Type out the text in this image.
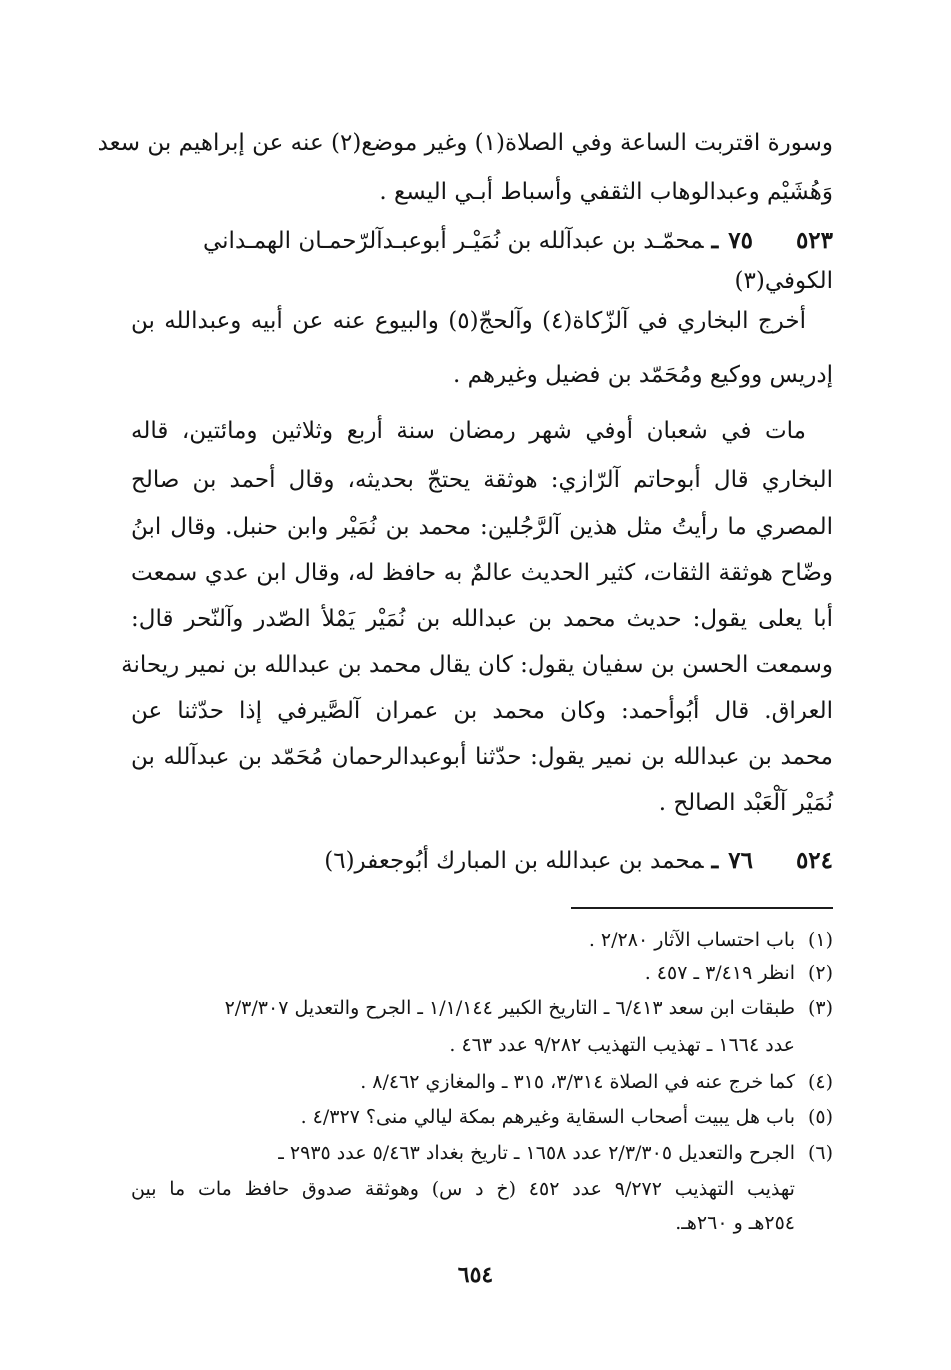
وسورة اقتربت الساعة وفي الصلاة(١) وغير موضع(٢) عنه عن إبراهيم بن سعد
وَهُشَيْم وعبدالوهاب الثقفي وأسباط أبـي اليسع .
٥٢٣٧٥ـمحمّـد بن عبدآلله بن نُمَيْـر أبوعبـدآلرّحمـان الهمـداني
الكوفي(٣)
أخرج البخاري في آلزّكاة(٤) وآلحجّ(٥) والبيوع عنه عن أبيه وعبدالله بن
إدريس ووكيع ومُحَمّد بن فضيل وغيرهم .
مات في شعبان أوفي شهر رمضان سنة أربع وثلاثين ومائتين، قاله
البخاري قال أبوحاتم آلرّازي: هوثقة يحتجّ بحديثه، وقال أحمد بن صالح
المصري ما رأيتُ مثل هذين آلرَّجُلين: محمد بن نُمَيْر وابن حنبل. وقال ابنُ
وضّاح هوثقة الثقات، كثير الحديث عالمٌ به حافظ له، وقال ابن عدي سمعت
أبا يعلى يقول: حديث محمد بن عبدالله بن نُمَيْر يَمْلأ الصّدر وآلنّحر قال:
وسمعت الحسن بن سفيان يقول: كان يقال محمد بن عبدالله بن نمير ريحانة
العراق. قال أبُوأحمد: وكان محمد بن عمران آلصَّيرفي إذا حدّثنا عن
محمد بن عبدالله بن نمير يقول: حدّثنا أبوعبدالرحمان مُحَمّد بن عبدآلله بن
نُمَيْر آلْعَبْد الصالح .
٥٢٤٧٦ـمحمد بن عبدالله بن المبارك أبُوجعفر(٦)
(١)باب احتساب الآثار ٢/٢٨٠ .
(٢)انظر ٣/٤١٩ ـ ٤٥٧ .
(٣)طبقات ابن سعد ٦/٤١٣ ـ التاريخ الكبير ١/١/١٤٤ ـ الجرح والتعديل ٢/٣/٣٠٧
عدد ١٦٦٤ ـ تهذيب التهذيب ٩/٢٨٢ عدد ٤٦٣ .
(٤)كما خرج عنه في الصلاة ٣/٣١٤، ٣١٥ ـ والمغازي ٨/٤٦٢ .
(٥)باب هل يبيت أصحاب السقاية وغيرهم بمكة ليالي منى؟ ٤/٣٢٧ .
(٦)الجرح والتعديل ٢/٣/٣٠٥ عدد ١٦٥٨ ـ تاريخ بغداد ٥/٤٦٣ عدد ٢٩٣٥ ـ
تهذيب التهذيب ٩/٢٧٢ عدد ٤٥٢ (خ د س) وهوثقة صدوق حافظ مات ما بين
٢٥٤هـ و ٢٦٠هـ.
٦٥٤
